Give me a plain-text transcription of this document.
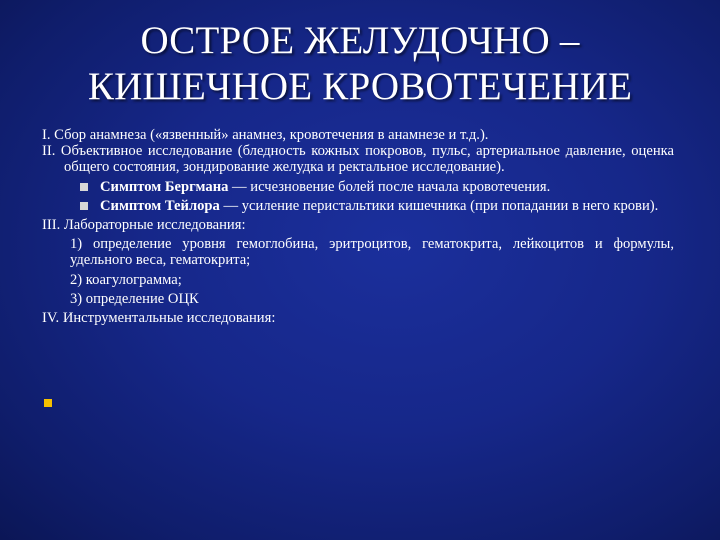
ОСТРОЕ ЖЕЛУДОЧНО –
КИШЕЧНОЕ КРОВОТЕЧЕНИЕ

I. Сбор анамнеза («язвенный» анамнез, кровотечения в анамнезе и т.д.).

II. Объективное исследование (бледность кожных покровов, пульс, артериальное давление, оценка общего состояния, зондирование желудка и ректальное исследование).

Симптом Бергмана — исчезновение болей после начала кровотечения.
Симптом Тейлора — усиление перистальтики кишечника (при попадании в него крови).

III. Лабораторные исследования:

1) определение уровня гемоглобина, эритроцитов, гематокрита, лейкоцитов и формулы, удельного веса, гематокрита;

2) коагулограмма;

3) определение ОЦК

IV. Инструментальные исследования:
